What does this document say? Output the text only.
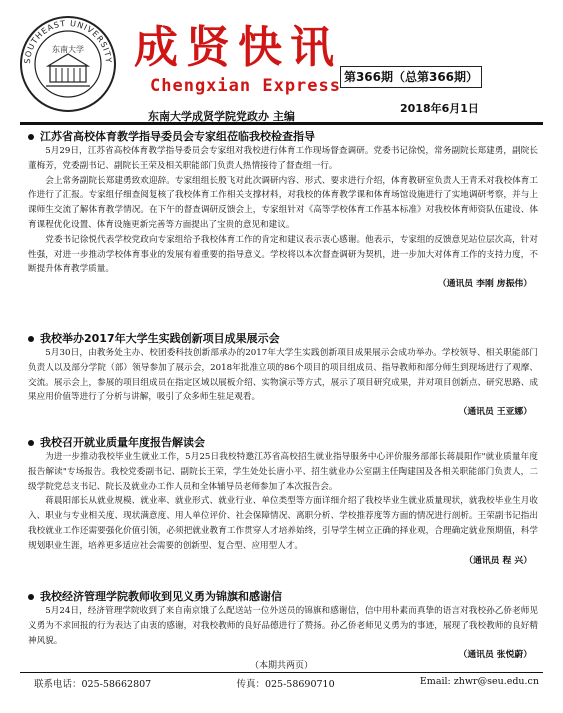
SOUTHEAST UNIVERSITY
东南大学 成贤快讯
Chengxian Express 第366期（总第366期）
2018年6月1日
东南大学成贤学院党政办 主编
江苏省高校体育教学指导委员会专家组莅临我校检查指导

5月29日，江苏省高校体育教学指导委员会专家组对我校进行体育工作现场督查调研。党委书记徐悦，常务副院长郑建勇，副院长董梅芳，党委副书记、副院长王荣及相关职能部门负责人热情接待了督查组一行。

会上常务副院长郑建勇致欢迎辞。专家组组长殷飞对此次调研内容、形式、要求进行介绍，体育教研室负责人王青禾对我校体育工作进行了汇报。专家组仔细查阅复核了我校体育工作相关支撑材料，对我校的体育教学课和体育场馆设施进行了实地调研考察，并与上课师生交流了解体育教学情况。在下午的督查调研反馈会上，专家组针对《高等学校体育工作基本标准》对我校体育师资队伍建设、体育课程优化设置、体育设施更新完善等方面提出了宝贵的意见和建议。

党委书记徐悦代表学校党政向专家组给予我校体育工作的肯定和建议表示衷心感谢。他表示，专家组的反馈意见站位层次高，针对性强，对进一步推动学校体育事业的发展有着重要的指导意义。学校将以本次督查调研为契机，进一步加大对体育工作的支持力度，不断提升体育教学质量。

（通讯员 李刚 房振伟）
我校举办2017年大学生实践创新项目成果展示会

5月30日，由教务处主办、校团委科技创新部承办的2017年大学生实践创新项目成果展示会成功举办。学校领导、相关职能部门负责人以及部分学院（部）领导参加了展示会，2018年批准立项的86个项目的项目组成员、指导教师和部分师生到现场进行了观摩、交流。展示会上，参展的项目组成员在指定区域以展板介绍、实物演示等方式，展示了项目研究成果，并对项目创新点、研究思路、成果应用价值等进行了分析与讲解，吸引了众多师生驻足观看。

（通讯员 王亚娜）
我校召开就业质量年度报告解读会

为进一步推动我校毕业生就业工作，5月25日我校特邀江苏省高校招生就业指导服务中心评价服务部部长蒋晨阳作"就业质量年度报告解读"专场报告。我校党委副书记、副院长王荣，学生处处长唐小平、招生就业办公室副主任陶建国及各相关职能部门负责人，二级学院党总支书记、院长及就业办工作人员和全体辅导员老师参加了本次报告会。

蒋晨阳部长从就业规模、就业率、就业形式、就业行业、单位类型等方面详细介绍了我校毕业生就业质量现状，就我校毕业生月收入、职业与专业相关度、现状满意度、用人单位评价、社会保障情况、离职分析、学校推荐度等方面的情况进行剖析。王荣副书记指出我校就业工作还需要强化价值引领，必须把就业教育工作贯穿人才培养始终，引导学生树立正确的择业观，合理确定就业预期值，科学规划职业生涯，培养更多适应社会需要的创新型、复合型、应用型人才。

（通讯员 程 兴）
我校经济管理学院教师收到见义勇为锦旗和感谢信

5月24日，经济管理学院收到了来自南京饿了么配送站一位外送员的锦旗和感谢信，信中用朴素而真挚的语言对我校孙乙侨老师见义勇为不求回报的行为表达了由衷的感谢，对我校教师的良好品德进行了赞扬。孙乙侨老师见义勇为的事迹，展现了我校教师的良好精神风貌。

（通讯员 张悦蔚）
（本期共两页）
联系电话：025-58662807	传真：025-58690710	Email: zhwr@seu.edu.cn
